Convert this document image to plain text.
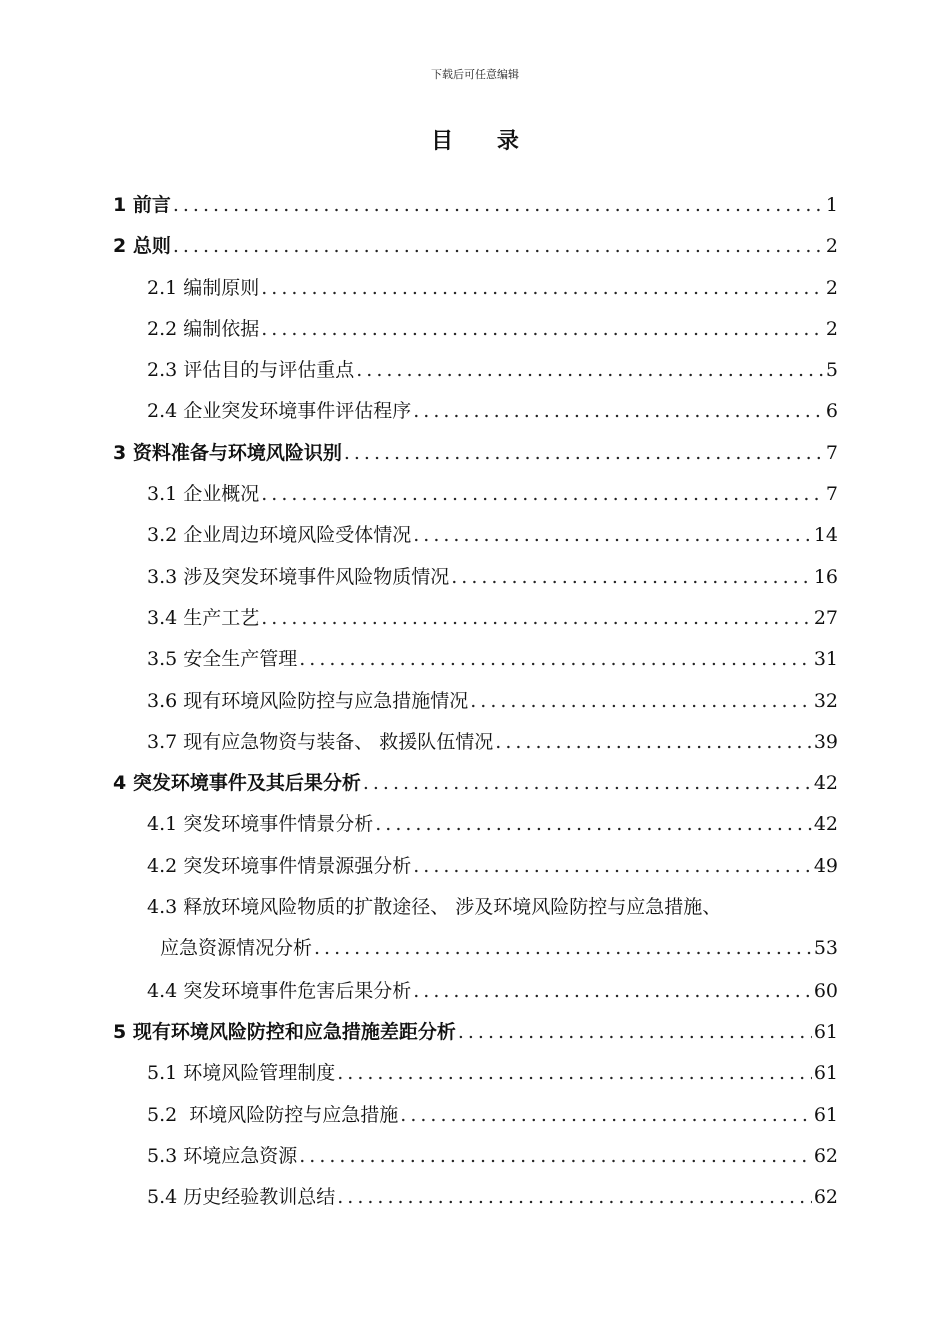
下载后可任意编辑
目 录
1 前言 .....	1
2 总则 .....	2
2.1 编制原则 .....	2
2.2 编制依据 .....	2
2.3 评估目的与评估重点 .....	5
2.4 企业突发环境事件评估程序 .....	6
3 资料准备与环境风险识别 .....	7
3.1 企业概况 .....	7
3.2 企业周边环境风险受体情况 .....	14
3.3 涉及突发环境事件风险物质情况 .....	16
3.4 生产工艺 .....	27
3.5 安全生产管理 .....	31
3.6 现有环境风险防控与应急措施情况 .....	32
3.7 现有应急物资与装备、 救援队伍情况 .....	39
4 突发环境事件及其后果分析 .....	42
4.1 突发环境事件情景分析 .....	42
4.2 突发环境事件情景源强分析 .....	49
4.3 释放环境风险物质的扩散途径、 涉及环境风险防控与应急措施、
应急资源情况分析 .....	53
4.4 突发环境事件危害后果分析 .....	60
5 现有环境风险防控和应急措施差距分析 .....	61
5.1 环境风险管理制度 .....	61
5.2  环境风险防控与应急措施 .....	61
5.3 环境应急资源 .....	62
5.4 历史经验教训总结 .....	62
